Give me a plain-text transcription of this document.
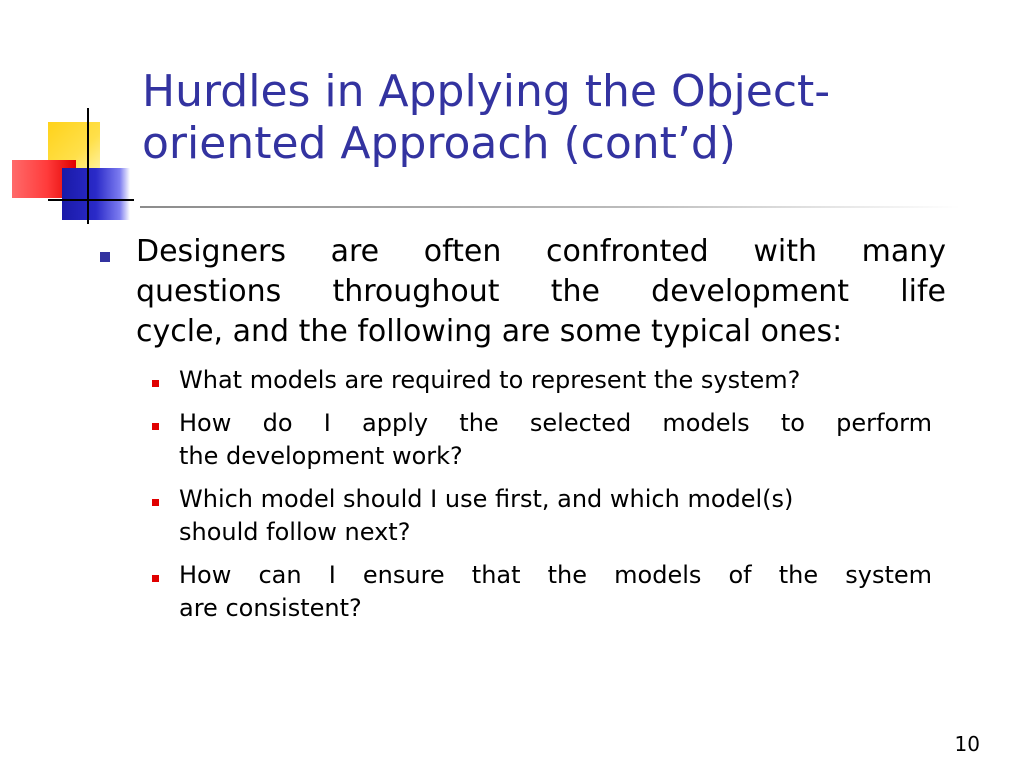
Hurdles in Applying the Object-
oriented Approach (cont’d)
Designers are often confronted with many
questions throughout the development life
cycle, and the following are some typical ones:
What models are required to represent the system?
How do I apply the selected models to perform
the development work?
Which model should I use first, and which model(s)
should follow next?
How can I ensure that the models of the system
are consistent?
10
